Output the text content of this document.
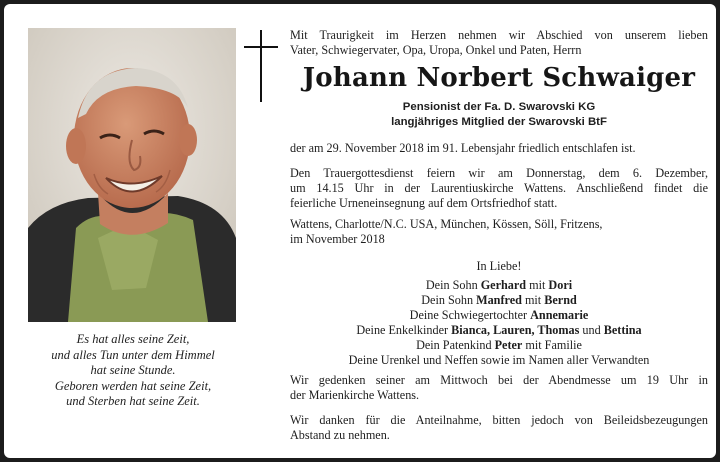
Es hat alles seine Zeit,
und alles Tun unter dem Himmel
hat seine Stunde.
Geboren werden hat seine Zeit,
und Sterben hat seine Zeit.
Mit Traurigkeit im Herzen nehmen wir Abschied von unserem lieben
Vater, Schwiegervater, Opa, Uropa, Onkel und Paten, Herrn
Johann Norbert Schwaiger
Pensionist der Fa. D. Swarovski KG
langjähriges Mitglied der Swarovski BtF
der am 29. November 2018 im 91. Lebensjahr friedlich entschlafen ist.
Den Trauergottesdienst feiern wir am Donnerstag, dem 6. Dezember,
um 14.15 Uhr in der Laurentiuskirche Wattens. Anschließend findet die
feierliche Urneneinsegnung auf dem Ortsfriedhof statt.
Wattens, Charlotte/N.C. USA, München, Kössen, Söll, Fritzens,
im November 2018
In Liebe!
Dein Sohn Gerhard mit Dori
Dein Sohn Manfred mit Bernd
Deine Schwiegertochter Annemarie
Deine Enkelkinder Bianca, Lauren, Thomas und Bettina
Dein Patenkind Peter mit Familie
Deine Urenkel und Neffen sowie im Namen aller Verwandten
Wir gedenken seiner am Mittwoch bei der Abendmesse um 19 Uhr in
der Marienkirche Wattens.
Wir danken für die Anteilnahme, bitten jedoch von Beileidsbezeugungen
Abstand zu nehmen.
